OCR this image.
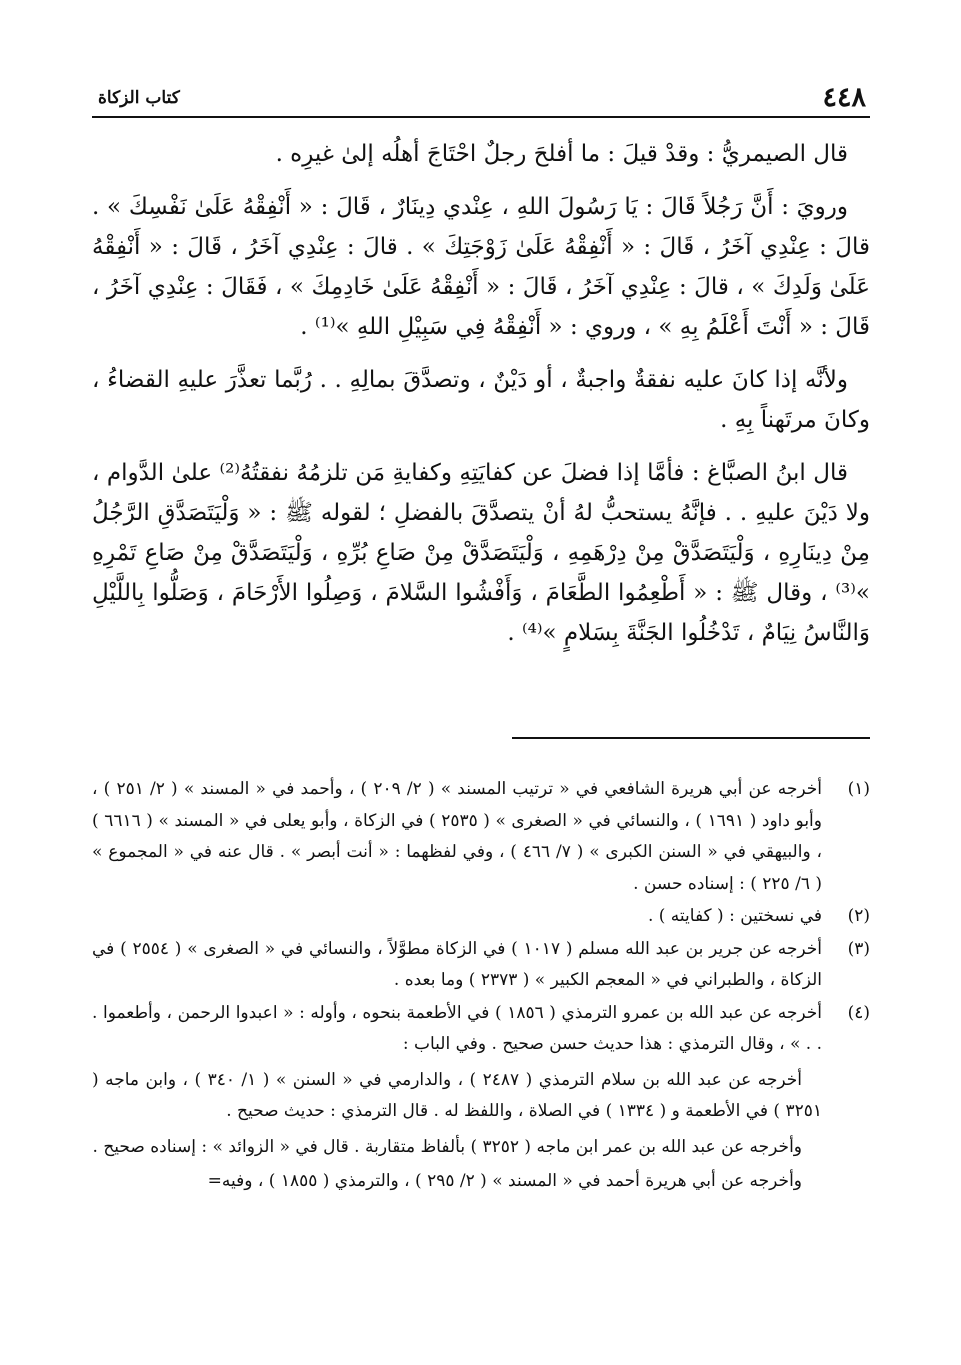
٤٤٨
كتاب الزكاة

قال الصيمريُّ : وقدْ قيلَ : ما أفلحَ رجلٌ احْتَاجَ أهلُه إلىٰ غيرِه .

ورويَ : أَنَّ رَجُلاً قَالَ : يَا رَسُولَ اللهِ ، عِنْدي دِينَارٌ ، قَالَ : « أَنْفِقْهُ عَلَىٰ نَفْسِكَ » . قالَ : عِنْدِي آخَرُ ، قَالَ : « أَنْفِقْهُ عَلَىٰ زَوْجَتِكَ » . قالَ : عِنْدِي آخَرُ ، قَالَ : « أَنْفِقْهُ عَلَىٰ وَلَدِكَ » ، قالَ : عِنْدِي آخَرُ ، قَالَ : « أَنْفِقْهُ عَلَىٰ خَادِمِكَ » ، فَقَالَ : عِنْدِي آخَرُ ، قَالَ : « أَنْتَ أَعْلَمُ بِهِ » ، وروي : « أَنْفِقْهُ فِي سَبِيْلِ اللهِ »⁽¹⁾ .

ولأنَّه إذا كانَ عليه نفقةٌ واجبةٌ ، أو دَيْنٌ ، وتصدَّقَ بمالِهِ . . رُبَّما تعذَّرَ عليهِ القضاءُ ، وكانَ مرتَهناً بِهِ .

قال ابنُ الصبَّاغ : فأمَّا إذا فضلَ عن كفايَتِهِ وكفايةِ مَن تلزمُهُ نفقتُهُ⁽²⁾ علىٰ الدَّوام ، ولا دَيْنَ عليهِ . . فإنَّهُ يستحبُّ لهُ أنْ يتصدَّقَ بالفضلِ ؛ لقوله ﷺ : « وَلْيَتَصَدَّقِ الرَّجُلُ مِنْ دِينَارِهِ ، وَلْيَتَصَدَّقْ مِنْ دِرْهَمِهِ ، وَلْيَتَصَدَّقْ مِنْ صَاعِ بُرِّهِ ، وَلْيَتَصَدَّقْ مِنْ صَاعِ تَمْرِهِ »⁽³⁾ ، وقال ﷺ : « أَطْعِمُوا الطَّعَامَ ، وَأَفْشُوا السَّلامَ ، وَصِلُوا الأَرْحَامَ ، وَصَلُّوا بِاللَّيْلِ وَالنَّاسُ نِيَامٌ ، تَدْخُلُوا الجَنَّةَ بِسَلامٍ »⁽⁴⁾ .

(١)
أخرجه عن أبي هريرة الشافعي في « ترتيب المسند » ( ٢/ ٢٠٩ ) ، وأحمد في « المسند » ( ٢/ ٢٥١ ) ، وأبو داود ( ١٦٩١ ) ، والنسائي في « الصغرى » ( ٢٥٣٥ ) في الزكاة ، وأبو يعلى في « المسند » ( ٦٦١٦ ) ، والبيهقي في « السنن الكبرى » ( ٧/ ٤٦٦ ) ، وفي لفظهما : « أنت أبصر » . قال عنه في « المجموع » ( ٦/ ٢٢٥ ) : إسناده حسن .
(٢)
في نسختين : ( كفايته ) .
(٣)
أخرجه عن جرير بن عبد الله مسلم ( ١٠١٧ ) في الزكاة مطوَّلاً ، والنسائي في « الصغرى » ( ٢٥٥٤ ) في الزكاة ، والطبراني في « المعجم الكبير » ( ٢٣٧٣ ) وما بعده .
(٤)
أخرجه عن عبد الله بن عمرو الترمذي ( ١٨٥٦ ) في الأطعمة بنحوه ، وأوله : « اعبدوا الرحمن ، وأطعموا . . . » ، وقال الترمذي : هذا حديث حسن صحيح . وفي الباب :
أخرجه عن عبد الله بن سلام الترمذي ( ٢٤٨٧ ) ، والدارمي في « السنن » ( ١/ ٣٤٠ ) ، وابن ماجه ( ٣٢٥١ ) في الأطعمة و ( ١٣٣٤ ) في الصلاة ، واللفظ له . قال الترمذي : حديث صحيح .
وأخرجه عن عبد الله بن عمر ابن ماجه ( ٣٢٥٢ ) بألفاظ متقاربة . قال في « الزوائد » : إسناده صحيح .
وأخرجه عن أبي هريرة أحمد في « المسند » ( ٢/ ٢٩٥ ) ، والترمذي ( ١٨٥٥ ) ، وفيه=
